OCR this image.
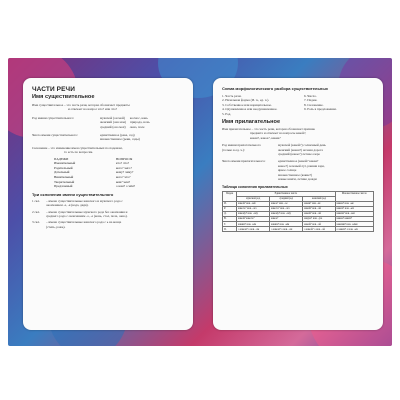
ЧАСТИ РЕЧИ
Имя существительное
Имя существительное – это часть речи, которая обозначает предметы
и отвечает на вопрос кто? или что?
Род имени существительного:	мужской (он мой)      космос, конь
женский (она моя)     природа, ночь
средний (оно моё)     окно, поле
Число имени существительного:	единственное (река, сад)
множественное (реки, сады)
Склонение – это изменение имен существительных по падежам,
то есть по вопросам.
ПАДЕЖИ	ВОПРОСЫ
Именительный	кто? что?
Родительный	кого? чего?
Дательный	кому? чему?
Винительный	кого? что?
Творительный	кем? чем?
Предложный	о ком? о чём?
Три склонения имени существительного
1 скл.	– имена существительные женского и мужского рода с
окончанием -а, -я (вода, дядя).
2 скл.	– имена существительные мужского рода без окончания и
среднего рода с окончанием -о, -е (конь, стол, поле, окно).
3 скл.	– имена существительные женского рода с ь на конце
(степь, рожь).
Схема морфологического разбора существительных
1. Часть речи.	6. Число.
2. Начальная форма (И. п., ед. ч.).	7. Падеж.
3. Собственное или нарицательное.	8. Склонение.
4. Одушевленное или неодушевленное.	9. Роль в предложении.
5. Род.
Имя прилагательное
Имя прилагательное – это часть речи, которая обозначает признак
предмета и отвечает на вопросы какой?,
какая?, какое?, какие?
Род имени прилагательного
(только в ед. ч.):
мужской (какой?) солнечный день
женский (какая?) ночная дорога
средний (какое?) летнее озеро
Число имени прилагательного:	единственное (какой? какая?
какое?) зеленый луг, ранняя заря,
яркое солнце
множественное (какие?)
новые книги, летние дожди
Таблица склонения прилагательных
Падеж	Единственное число			Множественное число
	мужской род	средний род	женский род	
И.	какой? нов. -ый	какое? нов. -ое	какая? нов. -ая	какие? нов. -ые
Р.	какого? нов. -ого	какого? нов. -ого	какой? нов. -ой	каких? нов. -ых
Д.	какому? нов. -ому	какому? нов. -ому	какой? нов. -ой	каким? нов. -ым
В.	какой? какого?	какое?	какую? нов. -ую	какие? каких?
Т.	каким? нов. -ым	каким? нов. -ым	какой? нов. -ой	какими? нов. -ыми
П.	о каком? о нов. -ом	о каком? о нов. -ом	о какой? о нов. -ой	о каких? о нов. -ых
